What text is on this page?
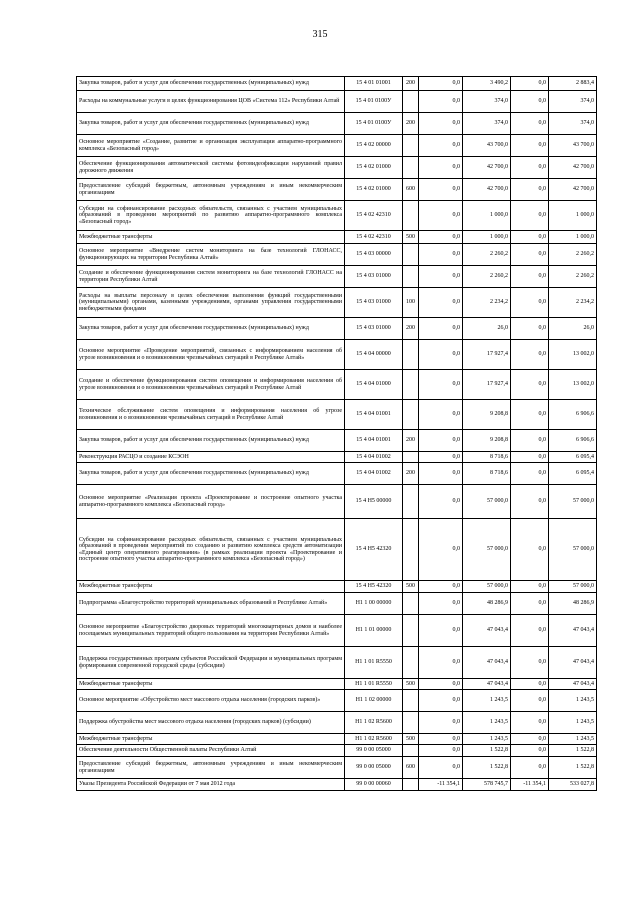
315
Закупка товаров, работ и услуг для обеспечения государственных (муниципальных) нужд	15 4 01 01001	200	0,0	3 490,2	0,0	2 883,4
Расходы на коммунальные услуги в целях функционирования ЦОВ «Система 112» Республики Алтай	15 4 01 0100У		0,0	374,0	0,0	374,0
Закупка товаров, работ и услуг для обеспечения государственных (муниципальных) нужд	15 4 01 0100У	200	0,0	374,0	0,0	374,0
Основное мероприятие «Создание, развитие и организация эксплуатации аппаратно-программного комплекса «Безопасный город»	15 4 02 00000		0,0	43 700,0	0,0	43 700,0
Обеспечение функционирования автоматической системы фотовидеофиксации нарушений правил дорожного движения	15 4 02 01000		0,0	42 700,0	0,0	42 700,0
Предоставление субсидий бюджетным, автономным учреждениям и иным некоммерческим организациям	15 4 02 01000	600	0,0	42 700,0	0,0	42 700,0
Субсидии на софинансирование расходных обязательств, связанных с участием муниципальных образований в проведении мероприятий по развитию аппаратно-программного комплекса «Безопасный город»	15 4 02 42310		0,0	1 000,0	0,0	1 000,0
Межбюджетные трансферты	15 4 02 42310	500	0,0	1 000,0	0,0	1 000,0
Основное мероприятие «Внедрение систем мониторинга на базе технологий ГЛОНАСС, функционирующих на территории Республика Алтай»	15 4 03 00000		0,0	2 260,2	0,0	2 260,2
Создание и обеспечение функционирования систем мониторинга на базе технологий ГЛОНАСС на территории Республики Алтай	15 4 03 01000		0,0	2 260,2	0,0	2 260,2
Расходы на выплаты персоналу в целях обеспечения выполнения функций государственными (муниципальными) органами, казенными учреждениями, органами управления государственными внебюджетными фондами	15 4 03 01000	100	0,0	2 234,2	0,0	2 234,2
Закупка товаров, работ и услуг для обеспечения государственных (муниципальных) нужд	15 4 03 01000	200	0,0	26,0	0,0	26,0
Основное мероприятие «Проведение мероприятий, связанных с информированием населения об угрозе возникновения и о возникновении чрезвычайных ситуаций в Республике Алтай»	15 4 04 00000		0,0	17 927,4	0,0	13 002,0
Создание и обеспечение функционирования систем оповещения и информирования населения об угрозе возникновения и о возникновении чрезвычайных ситуаций в Республике Алтай	15 4 04 01000		0,0	17 927,4	0,0	13 002,0
Техническое обслуживание систем оповещения и информирования населения об угрозе возникновения и о возникновении чрезвычайных ситуаций в Республике Алтай	15 4 04 01001		0,0	9 208,8	0,0	6 906,6
Закупка товаров, работ и услуг для обеспечения государственных (муниципальных) нужд	15 4 04 01001	200	0,0	9 208,8	0,0	6 906,6
Реконструкция РАСЦО и создание КСЭОН	15 4 04 01002		0,0	8 718,6	0,0	6 095,4
Закупка товаров, работ и услуг для обеспечения государственных (муниципальных) нужд	15 4 04 01002	200	0,0	8 718,6	0,0	6 095,4
Основное мероприятие «Реализация проекта «Проектирование и построение опытного участка аппаратно-программного комплекса «Безопасный город»	15 4 H5 00000		0,0	57 000,0	0,0	57 000,0
Субсидии на софинансирование расходных обязательств, связанных с участием муниципальных образований в проведении мероприятий по созданию и развитию комплекса средств автоматизации «Единый центр оперативного реагирования» (в рамках реализации проекта «Проектирование и построение опытного участка аппаратно-программного комплекса «Безопасный город»)	15 4 H5 42320		0,0	57 000,0	0,0	57 000,0
Межбюджетные трансферты	15 4 H5 42320	500	0,0	57 000,0	0,0	57 000,0
Подпрограмма «Благоустройство территорий муниципальных образований в Республике Алтай»	H1 1 00 00000		0,0	48 286,9	0,0	48 286,9
Основное мероприятие «Благоустройство дворовых территорий многоквартирных домов и наиболее посещаемых муниципальных территорий общего пользования на территории Республики Алтай»	H1 1 01 00000		0,0	47 043,4	0,0	47 043,4
Поддержка государственных программ субъектов Российской Федерации и муниципальных программ формирования современной городской среды (субсидии)	H1 1 01 R5550		0,0	47 043,4	0,0	47 043,4
Межбюджетные трансферты	H1 1 01 R5550	500	0,0	47 043,4	0,0	47 043,4
Основное мероприятие «Обустройство мест массового отдыха населения (городских парков)»	H1 1 02 00000		0,0	1 243,5	0,0	1 243,5
Поддержка обустройства мест массового отдыха населения (городских парков) (субсидии)	H1 1 02 R5600		0,0	1 243,5	0,0	1 243,5
Межбюджетные трансферты	H1 1 02 R5600	500	0,0	1 243,5	0,0	1 243,5
Обеспечение деятельности Общественной палаты Республики Алтай	99 0 00 05000		0,0	1 522,8	0,0	1 522,8
Предоставление субсидий бюджетным, автономным учреждениям и иным некоммерческим организациям	99 0 00 05000	600	0,0	1 522,8	0,0	1 522,8
Указы Президента Российской Федерации от 7 мая 2012 года	99 0 00 00060		-11 354,1	578 745,7	-11 354,1	533 027,8
